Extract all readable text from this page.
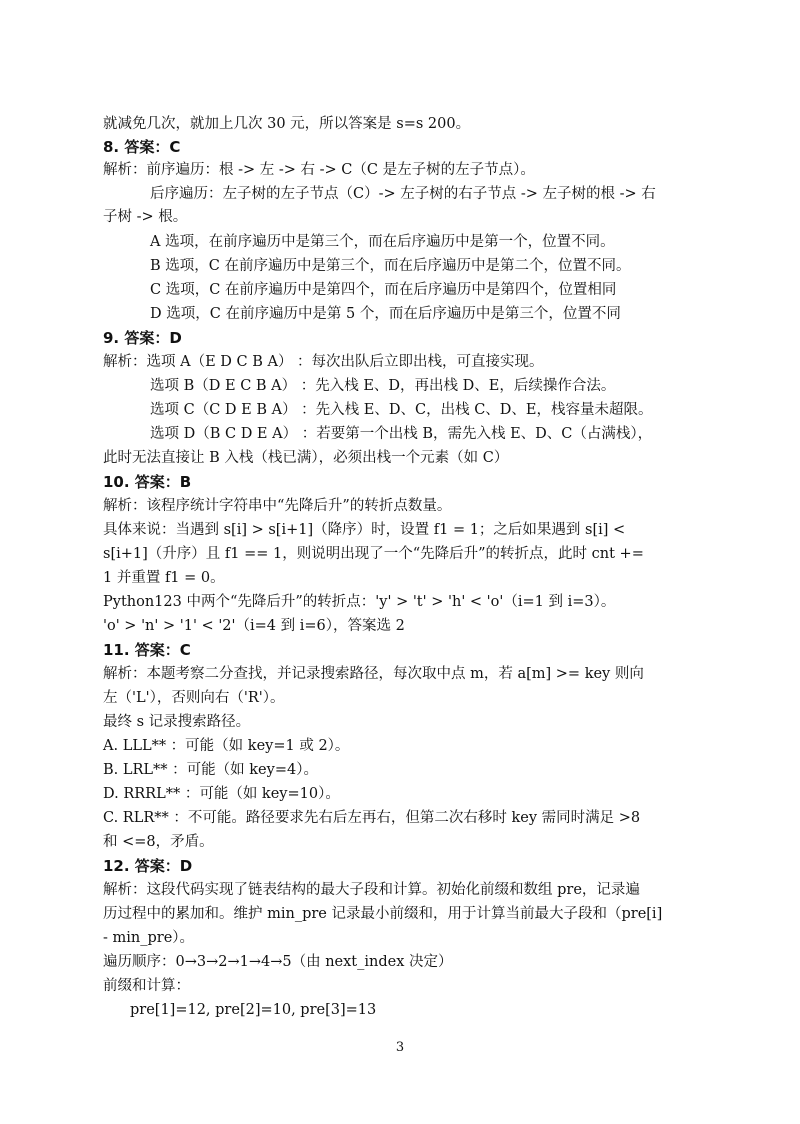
就减免几次，就加上几次 30 元，所以答案是 s=s 200。
8. 答案：C
解析：前序遍历：根 -> 左 -> 右 -> C（C 是左子树的左子节点）。
后序遍历：左子树的左子节点（C）-> 左子树的右子节点 -> 左子树的根 -> 右
子树 -> 根。
A 选项，在前序遍历中是第三个，而在后序遍历中是第一个，位置不同。
B 选项，C 在前序遍历中是第三个，而在后序遍历中是第二个，位置不同。
C 选项，C 在前序遍历中是第四个，而在后序遍历中是第四个，位置相同
D 选项，C 在前序遍历中是第 5 个，而在后序遍历中是第三个，位置不同
9. 答案：D
解析：选项 A（E D C B A） ：每次出队后立即出栈，可直接实现。
选项 B（D E C B A） ：先入栈 E、D，再出栈 D、E，后续操作合法。
选项 C（C D E B A） ：先入栈 E、D、C，出栈 C、D、E，栈容量未超限。
选项 D（B C D E A） ：若要第一个出栈 B，需先入栈 E、D、C（占满栈），
此时无法直接让 B 入栈（栈已满），必须出栈一个元素（如 C）
10. 答案：B
解析：该程序统计字符串中“先降后升”的转折点数量。
具体来说：当遇到 s[i] > s[i+1]（降序）时，设置 f1 = 1；之后如果遇到 s[i] <
s[i+1]（升序）且 f1 == 1，则说明出现了一个“先降后升”的转折点，此时 cnt +=
1 并重置 f1 = 0。
Python123 中两个“先降后升”的转折点：'y' > 't' > 'h' < 'o'（i=1 到 i=3）。
'o' > 'n' > '1' < '2'（i=4 到 i=6），答案选 2
11. 答案：C
解析：本题考察二分查找，并记录搜索路径，每次取中点 m，若 a[m] >= key 则向
左（'L'），否则向右（'R'）。
最终 s 记录搜索路径。
A. LLL** ：可能（如 key=1 或 2）。
B. LRL** ：可能（如 key=4）。
D. RRRL** ：可能（如 key=10）。
C. RLR** ：不可能。路径要求先右后左再右，但第二次右移时 key 需同时满足 >8
和 <=8，矛盾。
12. 答案：D
解析：这段代码实现了链表结构的最大子段和计算。初始化前缀和数组 pre，记录遍
历过程中的累加和。维护 min_pre 记录最小前缀和，用于计算当前最大子段和（pre[i]
- min_pre）。
遍历顺序：0→3→2→1→4→5（由 next_index 决定）
前缀和计算：
pre[1]=12, pre[2]=10, pre[3]=13
3
